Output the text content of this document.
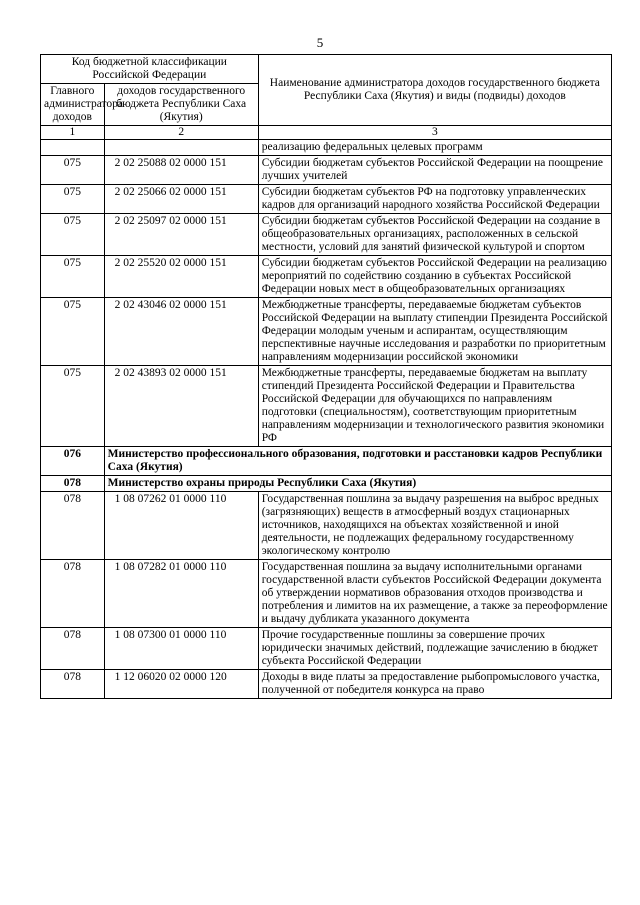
5
Код бюджетной классификации Российской Федерации		Наименование администратора доходов государственного бюджета Республики Саха (Якутия) и виды (подвиды) доходов
Главного администратора доходов	доходов государственного бюджета Республики Саха (Якутия)	
1	2	3
		реализацию федеральных целевых программ
075	2 02 25088 02 0000 151	Субсидии бюджетам субъектов Российской Федерации на поощрение лучших учителей
075	2 02 25066 02 0000 151	Субсидии бюджетам субъектов РФ на подготовку управленческих кадров для организаций народного хозяйства Российской Федерации
075	2 02 25097 02 0000 151	Субсидии бюджетам субъектов Российской Федерации на создание в общеобразовательных организациях, расположенных в сельской местности, условий для занятий физической культурой и спортом
075	2 02 25520 02 0000 151	Субсидии бюджетам субъектов Российской Федерации на реализацию мероприятий по содействию созданию в субъектах Российской Федерации новых мест в общеобразовательных организациях
075	2 02 43046 02 0000 151	Межбюджетные трансферты, передаваемые бюджетам субъектов Российской Федерации на выплату стипендии Президента Российской Федерации молодым ученым и аспирантам, осуществляющим перспективные научные исследования и разработки по приоритетным направлениям модернизации российской экономики
075	2 02 43893 02 0000 151	Межбюджетные трансферты, передаваемые бюджетам на выплату стипендий Президента Российской Федерации и Правительства Российской Федерации для обучающихся по направлениям подготовки (специальностям), соответствующим приоритетным направлениям модернизации и технологического развития экономики РФ
076	Министерство профессионального образования, подготовки и расстановки кадров Республики Саха (Якутия)	
078	Министерство охраны природы Республики Саха (Якутия)	
078	1 08 07262 01 0000 110	Государственная пошлина за выдачу разрешения на выброс вредных (загрязняющих) веществ в атмосферный воздух стационарных источников, находящихся на объектах хозяйственной и иной деятельности, не подлежащих федеральному государственному экологическому контролю
078	1 08 07282 01 0000 110	Государственная пошлина за выдачу исполнительными органами государственной власти субъектов Российской Федерации документа об утверждении нормативов образования отходов производства и потребления и лимитов на их размещение, а также за переоформление и выдачу дубликата указанного документа
078	1 08 07300 01 0000 110	Прочие государственные пошлины за совершение прочих юридически значимых действий, подлежащие зачислению в бюджет субъекта Российской Федерации
078	1 12 06020 02 0000 120	Доходы в виде платы за предоставление рыбопромыслового участка, полученной от победителя конкурса на право
